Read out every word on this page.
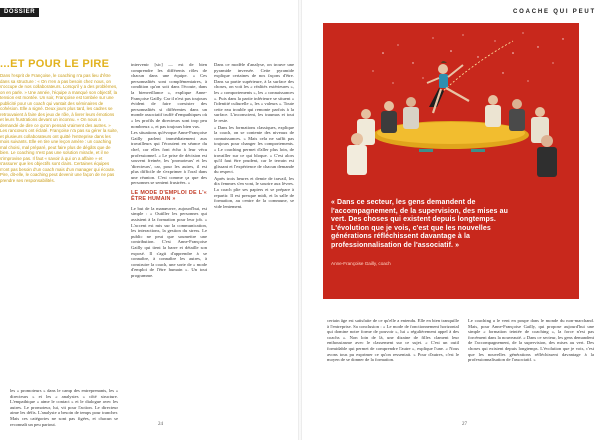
DOSSIER
...ET POUR LE PIRE

Dans l'esprit de Françoise, le coaching n'a pas lieu d'être dans sa structure : « On n'en a pas besoin chez nous, on s'occupe de nos collaborateurs. Lorsqu'il y a des problèmes, on en parle. » Une année, l'équipe a manqué son objectif, la tension est montée. Un soir, Françoise est tombée sur une publicité pour un coach qui vantait des séminaires de cohésion. Elle a signé. Deux jours plus tard, les cadres se retrouvaient à faire des jeux de rôle, à livrer leurs émotions et leurs frustrations devant un inconnu. « On nous a demandé de dire ce qu'on pensait vraiment des autres. » Les rancœurs ont éclaté. Françoise n'a pas su gérer la suite, et plusieurs collaborateurs ont quitté l'entreprise dans les mois suivants. Elle en tire une leçon amère : un coaching mal choisi, mal préparé, peut faire plus de dégâts que de bien. Le coaching n'est pas une solution miracle, et il ne s'improvise pas. Il faut « savoir à qui on a affaire » et s'assurer que les objectifs sont clairs. Certaines équipes n'ont pas besoin d'un coach mais d'un manager qui écoute. Pire, dit-elle, le coaching peut devenir une façon de ne pas prendre ses responsabilités.

intervenir [sic] — est de bien comprendre les différents rôles de chacun dans une équipe. « Ces personnalités sont complémentaires, à condition qu'on soit dans l'écoute, dans la bienveillance », explique Anne-Françoise Gailly. Car il n'est pas toujours évident de faire coexister des personnalités si différentes dans un monde associatif truffé d'empathiques où « les profils de directeurs sont trop peu nombreux », et pas toujours bien vus.

Les situations qu'évoque Anne-Françoise Gailly parlent immédiatement aux travailleurs qui l'écoutent en séance du chef, car elles font écho à leur vécu professionnel. « Le prise de décision est souvent freinée, les 'promoteurs' et les 'directeurs', car, pour les autres, il est plus difficile de s'exprimer à l'oral dans une réunion. C'est comme ça que des personnes se sentent frustrées. »

LE MODE D'EMPLOI DE L'« ÊTRE HUMAIN »

Le but de la manœuvre, aujourd'hui, est simple : « Outiller les personnes qui assistent à la formation pour leur job. » L'accent est mis sur la communication, les interactions, la gestion du stress. Le public ne peut que soumettre une contribution. C'est Anne-Françoise Gailly qui tient la barre et détaille son exposé. Il s'agit d'apprendre à se connaître, à connaître les autres, à construire la coach, une sorte de « mode d'emploi de l'être humain ». Un tout programme.

Dans ce modèle d'analyse, on trouve une pyramide inversée. Cette pyramide explique certaines de nos façons d'être. Dans sa partie supérieure, à la surface des choses, on voit les « réalités extérieures », les « comportements », les « connaissances ». Puis dans la partie inférieure se situent « l'identité culturelle », les « valeurs ». Toute cette eau trouble qui remonte parfois à la surface. L'inconscient, les traumas et tout le reste.

« Dans les formations classiques, explique la coach, on se contente des niveaux de connaissances. » Mais cela ne suffit pas toujours pour changer les comportements. « Le coaching permet d'aller plus loin, de travailler sur ce qui bloque. » C'est alors qu'il faut être prudent, car le terrain est glissant et l'expérience de chacun demande du respect.

Après trois heures et demie de travail, les dix femmes s'en vont, le sourire aux lèvres. La coach plie ses papiers et se prépare à repartir. Il est presque midi, et la salle de formation, au centre de la commune, se vide lentement.

les « promoteurs » dans le camp des entreprenants, les « directeurs » et les « analystes » côté structure. L'empathique « aime le contact » et le dialogue avec les autres. Le promoteur, lui, vit pour l'action. Le directeur aime les défis. L'analyste a besoin de temps pour trancher. Mais ces catégories ne sont pas figées, et chacun se reconnaît un peu partout.	24
COACHE QUI PEUT

« Dans ce secteur, les gens demandent de l'accompagnement, de la supervision, des mises au vert. Des choses qui existent depuis longtemps. L'évolution que je vois, c'est que les nouvelles générations réfléchissent davantage à la professionnalisation de l'associatif. »

Anne-Françoise Gailly, coach

certain âge est satisfaite de ce qu'elle a entendu. Elle en bien tranquille à l'entreprise. Sa conclusion : « Le mode de fonctionnement horizontal qui domine notre forme de pouvoir », lui « régulièrement appel à des coachs ». Non loin de là, une dizaine de filles clament leur enthousiasme avec le classement sur ce sujet. « C'est un outil formidable qui permet de comprendre l'autre », explique l'une. « Nous avons tous pu exprimer ce qu'on ressentait. » Pour d'autres, c'est le moyen de se donner de la formation.

Le coaching a le vent en poupe dans le monde du non-marchand. Mais, pour Anne-Françoise Gailly, qui propose aujourd'hui une simple « formation teintée de coaching », la force n'est pas forcément dans la nouveauté. « Dans ce secteur, les gens demandent de l'accompagnement, de la supervision, des mises au vert. Des choses qui existent depuis longtemps. L'évolution que je vois, c'est que les nouvelles générations réfléchissent davantage à la professionnalisation de l'associatif. »

27
